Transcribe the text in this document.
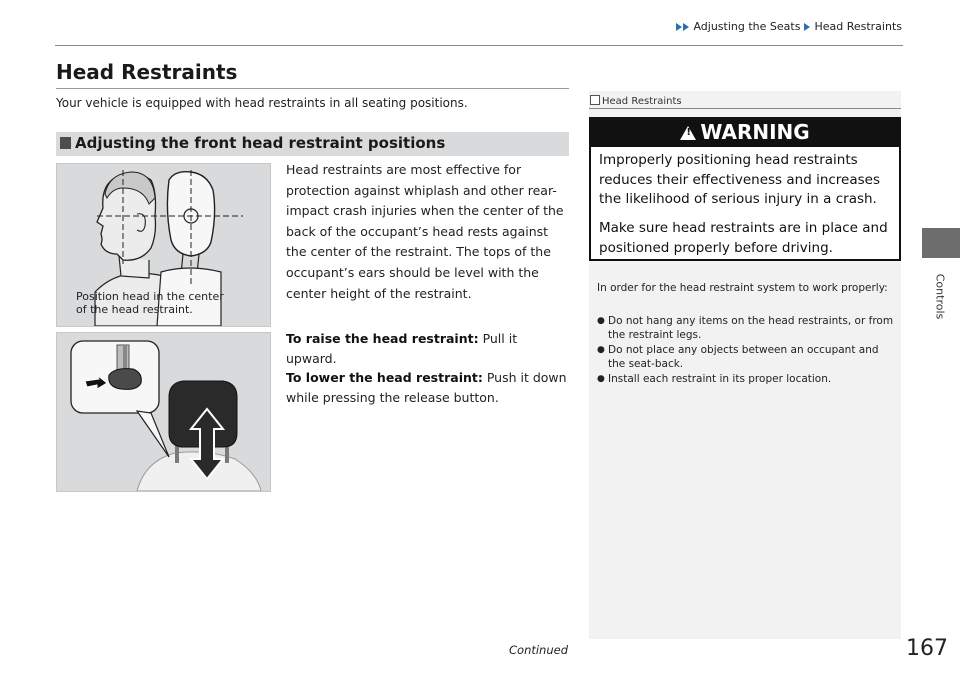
Adjusting the Seats Head Restraints
Controls
Head Restraints
Your vehicle is equipped with head restraints in all seating positions.
Adjusting the front head restraint positions
Position head in the center
of the head restraint.

Head restraints are most effective for protection against whiplash and other rear-impact crash injuries when the center of the back of the occupant’s head rests against the center of the restraint. The tops of the occupant’s ears should be level with the center height of the restraint.

To raise the head restraint: Pull it upward.

To lower the head restraint: Push it down while pressing the release button.

Head Restraints
!WARNING
Improperly positioning head restraints reduces their effectiveness and increases the likelihood of serious injury in a crash.
Make sure head restraints are in place and positioned properly before driving.
In order for the head restraint system to work properly:
● Do not hang any items on the head restraints, or from the restraint legs.
● Do not place any objects between an occupant and the seat-back.
● Install each restraint in its proper location.
Continued	167
